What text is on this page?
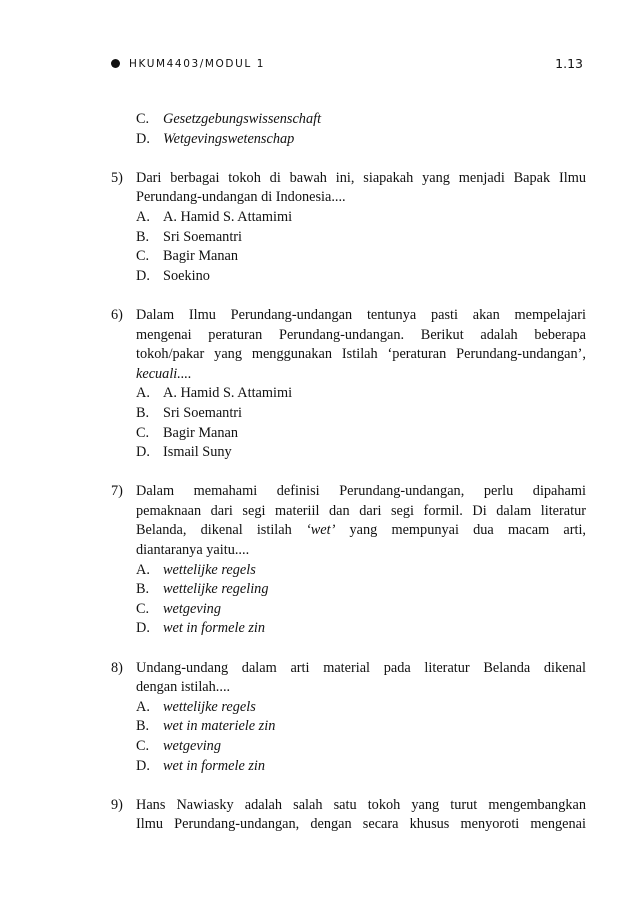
HKUM4403/MODUL 1	1.13
C. Gesetzgebungswissenschaft
D. Wetgevingswetenschap
5) Dari berbagai tokoh di bawah ini, siapakah yang menjadi Bapak Ilmu
Perundang-undangan di Indonesia....
A. A. Hamid S. Attamimi
B. Sri Soemantri
C. Bagir Manan
D. Soekino
6) Dalam Ilmu Perundang-undangan tentunya pasti akan mempelajari
mengenai peraturan Perundang-undangan. Berikut adalah beberapa
tokoh/pakar yang menggunakan Istilah ‘peraturan Perundang-undangan’,
kecuali....
A. A. Hamid S. Attamimi
B. Sri Soemantri
C. Bagir Manan
D. Ismail Suny
7) Dalam memahami definisi Perundang-undangan, perlu dipahami
pemaknaan dari segi materiil dan dari segi formil. Di dalam literatur
Belanda, dikenal istilah ‘wet’ yang mempunyai dua macam arti,
diantaranya yaitu....
A. wettelijke regels
B. wettelijke regeling
C. wetgeving
D. wet in formele zin
8) Undang-undang dalam arti material pada literatur Belanda dikenal
dengan istilah....
A. wettelijke regels
B. wet in materiele zin
C. wetgeving
D. wet in formele zin
9) Hans Nawiasky adalah salah satu tokoh yang turut mengembangkan
Ilmu Perundang-undangan, dengan secara khusus menyoroti mengenai
